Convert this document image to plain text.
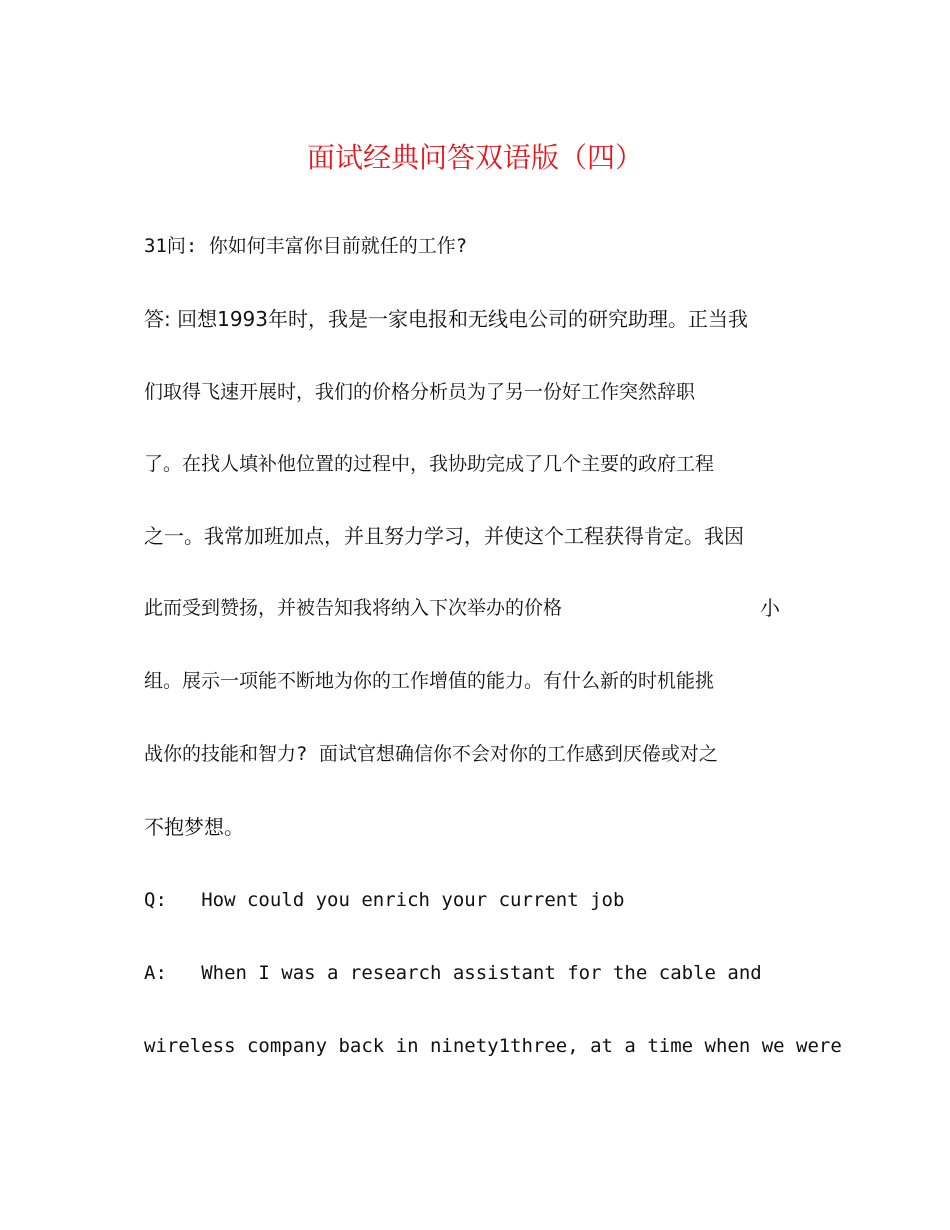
面试经典问答双语版（四）

31问: 你如何丰富你目前就任的工作?

答: 回想1993年时，我是一家电报和无线电公司的研究助理。正当我

们取得飞速开展时，我们的价格分析员为了另一份好工作突然辞职

了。在找人填补他位置的过程中，我协助完成了几个主要的政府工程

之一。我常加班加点，并且努力学习，并使这个工程获得肯定。我因

此而受到赞扬，并被告知我将纳入下次举办的价格	小

组。展示一项能不断地为你的工作增值的能力。有什么新的时机能挑

战你的技能和智力? 面试官想确信你不会对你的工作感到厌倦或对之

不抱梦想。

Q:   How could you enrich your current job

A:   When I was a research assistant for the cable and

wireless company back in ninety1three, at a time when we were
